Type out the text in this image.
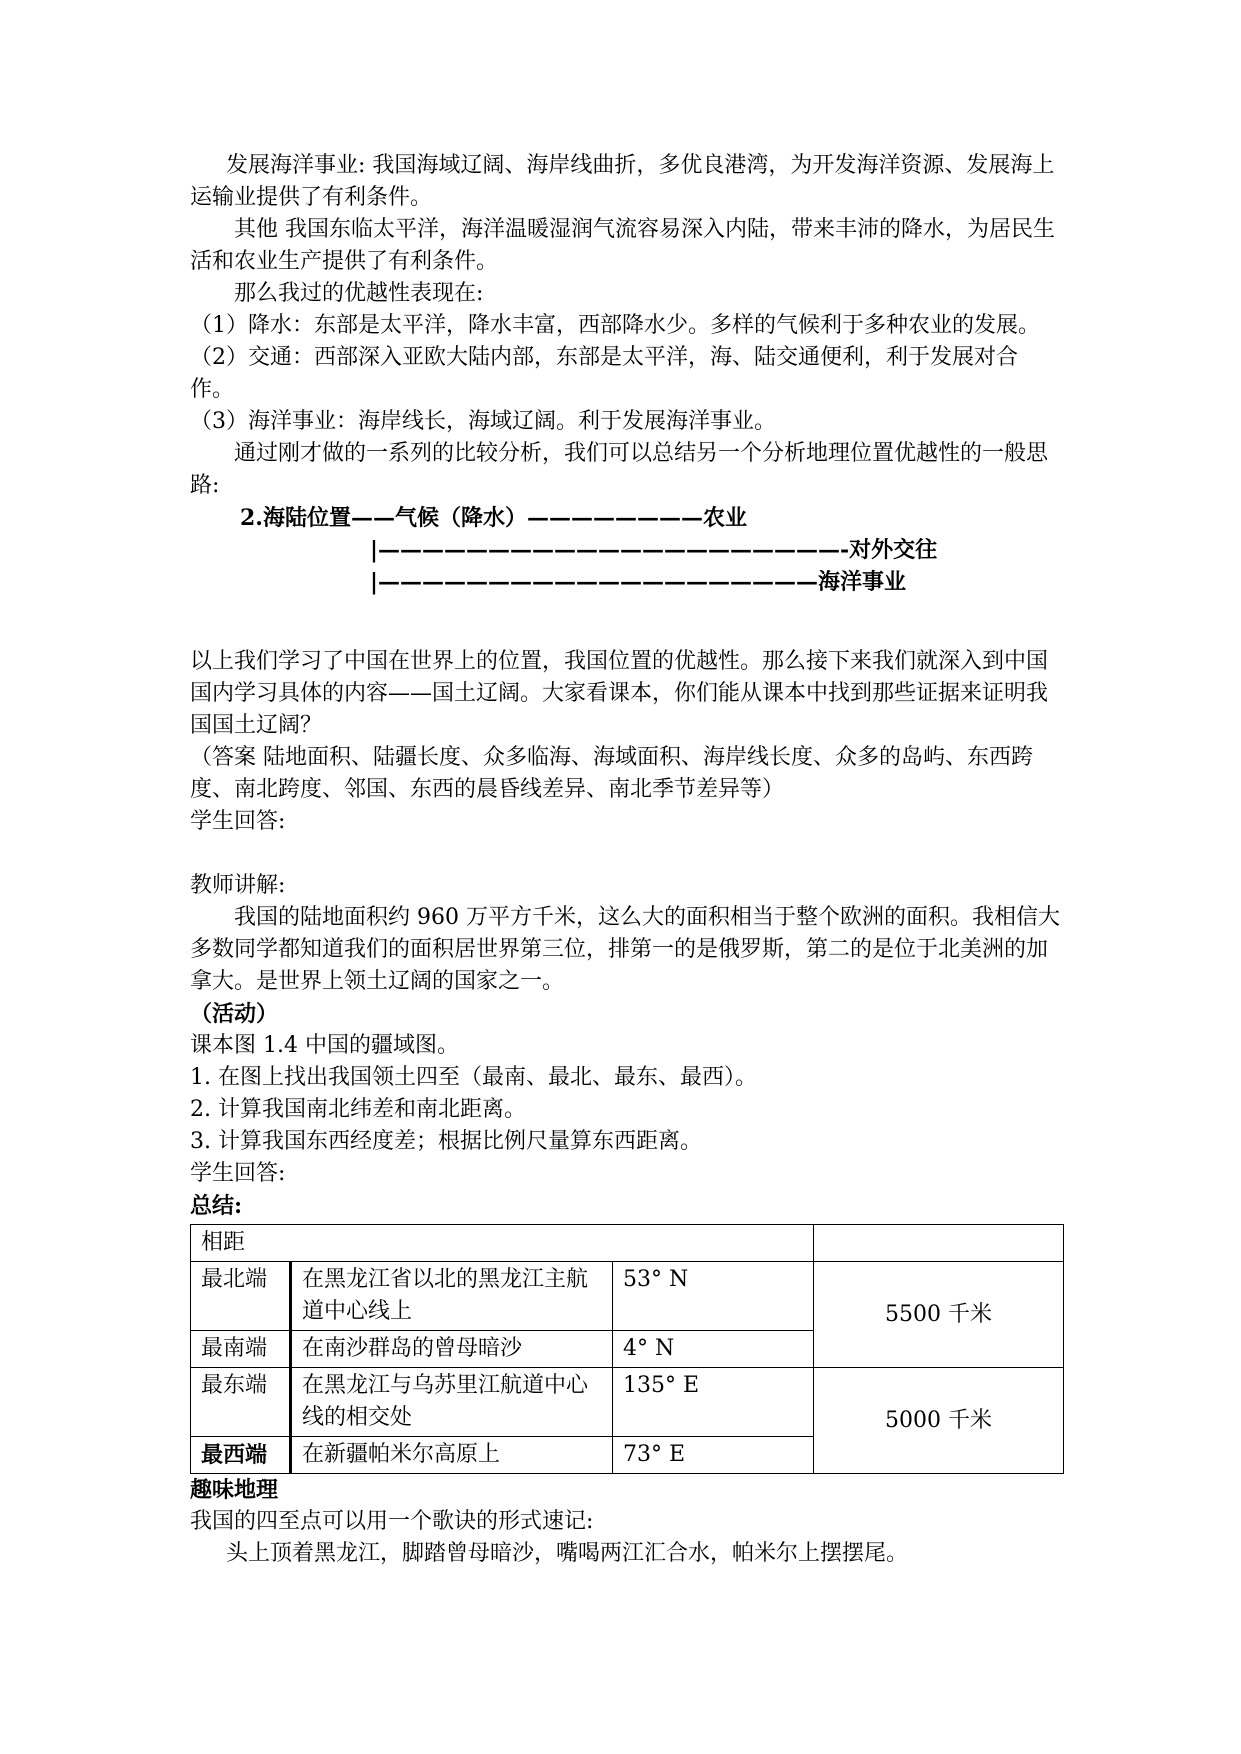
发展海洋事业: 我国海域辽阔、海岸线曲折，多优良港湾，为开发海洋资源、发展海上运输业提供了有利条件。

其他 我国东临太平洋，海洋温暖湿润气流容易深入内陆，带来丰沛的降水，为居民生活和农业生产提供了有利条件。

那么我过的优越性表现在:

（1）降水：东部是太平洋，降水丰富，西部降水少。多样的气候利于多种农业的发展。

（2）交通：西部深入亚欧大陆内部，东部是太平洋，海、陆交通便利，利于发展对合作。

（3）海洋事业：海岸线长，海域辽阔。利于发展海洋事业。

通过刚才做的一系列的比较分析，我们可以总结另一个分析地理位置优越性的一般思路:

2.海陆位置——气候（降水）————————农业

|—————————————————————-对外交往

|————————————————————海洋事业

以上我们学习了中国在世界上的位置，我国位置的优越性。那么接下来我们就深入到中国国内学习具体的内容——国土辽阔。大家看课本，你们能从课本中找到那些证据来证明我国国土辽阔？

（答案 陆地面积、陆疆长度、众多临海、海域面积、海岸线长度、众多的岛屿、东西跨度、南北跨度、邻国、东西的晨昏线差异、南北季节差异等）

学生回答:

教师讲解:

我国的陆地面积约 960 万平方千米，这么大的面积相当于整个欧洲的面积。我相信大多数同学都知道我们的面积居世界第三位，排第一的是俄罗斯，第二的是位于北美洲的加拿大。是世界上领土辽阔的国家之一。

（活动）

课本图 1.4 中国的疆域图。

1. 在图上找出我国领土四至（最南、最北、最东、最西）。

2. 计算我国南北纬差和南北距离。

3. 计算我国东西经度差；根据比例尺量算东西距离。

学生回答:

总结:

相距			
最北端	在黑龙江省以北的黑龙江主航道中心线上	53° N	5500 千米
最南端	在南沙群岛的曾母暗沙	4° N	
最东端	在黑龙江与乌苏里江航道中心线的相交处	135° E	5000 千米
最西端	在新疆帕米尔高原上	73° E	

趣味地理

我国的四至点可以用一个歌诀的形式速记:

头上顶着黑龙江，脚踏曾母暗沙，嘴喝两江汇合水，帕米尔上摆摆尾。
